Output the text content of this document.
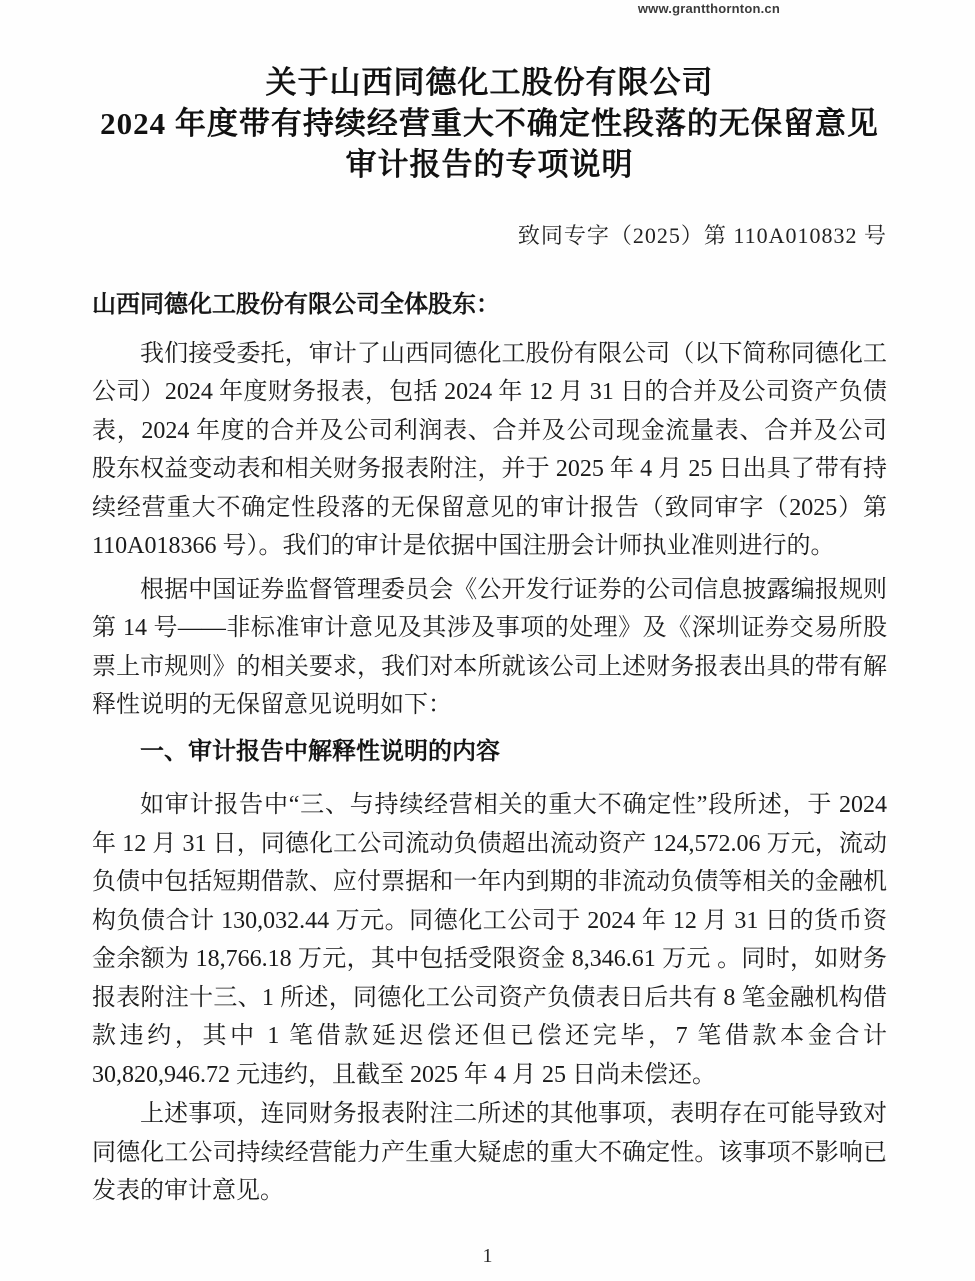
www.grantthornton.cn
关于山西同德化工股份有限公司
2024 年度带有持续经营重大不确定性段落的无保留意见
审计报告的专项说明
致同专字（2025）第 110A010832 号
山西同德化工股份有限公司全体股东：

我们接受委托，审计了山西同德化工股份有限公司（以下简称同德化工公司）2024 年度财务报表，包括 2024 年 12 月 31 日的合并及公司资产负债表，2024 年度的合并及公司利润表、合并及公司现金流量表、合并及公司股东权益变动表和相关财务报表附注，并于 2025 年 4 月 25 日出具了带有持续经营重大不确定性段落的无保留意见的审计报告（致同审字（2025）第 110A018366 号）。我们的审计是依据中国注册会计师执业准则进行的。

根据中国证券监督管理委员会《公开发行证券的公司信息披露编报规则第 14 号——非标准审计意见及其涉及事项的处理》及《深圳证券交易所股票上市规则》的相关要求，我们对本所就该公司上述财务报表出具的带有解释性说明的无保留意见说明如下：

一、审计报告中解释性说明的内容

如审计报告中“三、与持续经营相关的重大不确定性”段所述，于 2024 年 12 月 31 日，同德化工公司流动负债超出流动资产 124,572.06 万元，流动负债中包括短期借款、应付票据和一年内到期的非流动负债等相关的金融机构负债合计 130,032.44 万元。同德化工公司于 2024 年 12 月 31 日的货币资金余额为 18,766.18 万元，其中包括受限资金 8,346.61 万元 。同时，如财务报表附注十三、1 所述，同德化工公司资产负债表日后共有 8 笔金融机构借款违约，其中 1 笔借款延迟偿还但已偿还完毕，7 笔借款本金合计 30,820,946.72 元违约，且截至 2025 年 4 月 25 日尚未偿还。

上述事项，连同财务报表附注二所述的其他事项，表明存在可能导致对同德化工公司持续经营能力产生重大疑虑的重大不确定性。该事项不影响已发表的审计意见。

1
